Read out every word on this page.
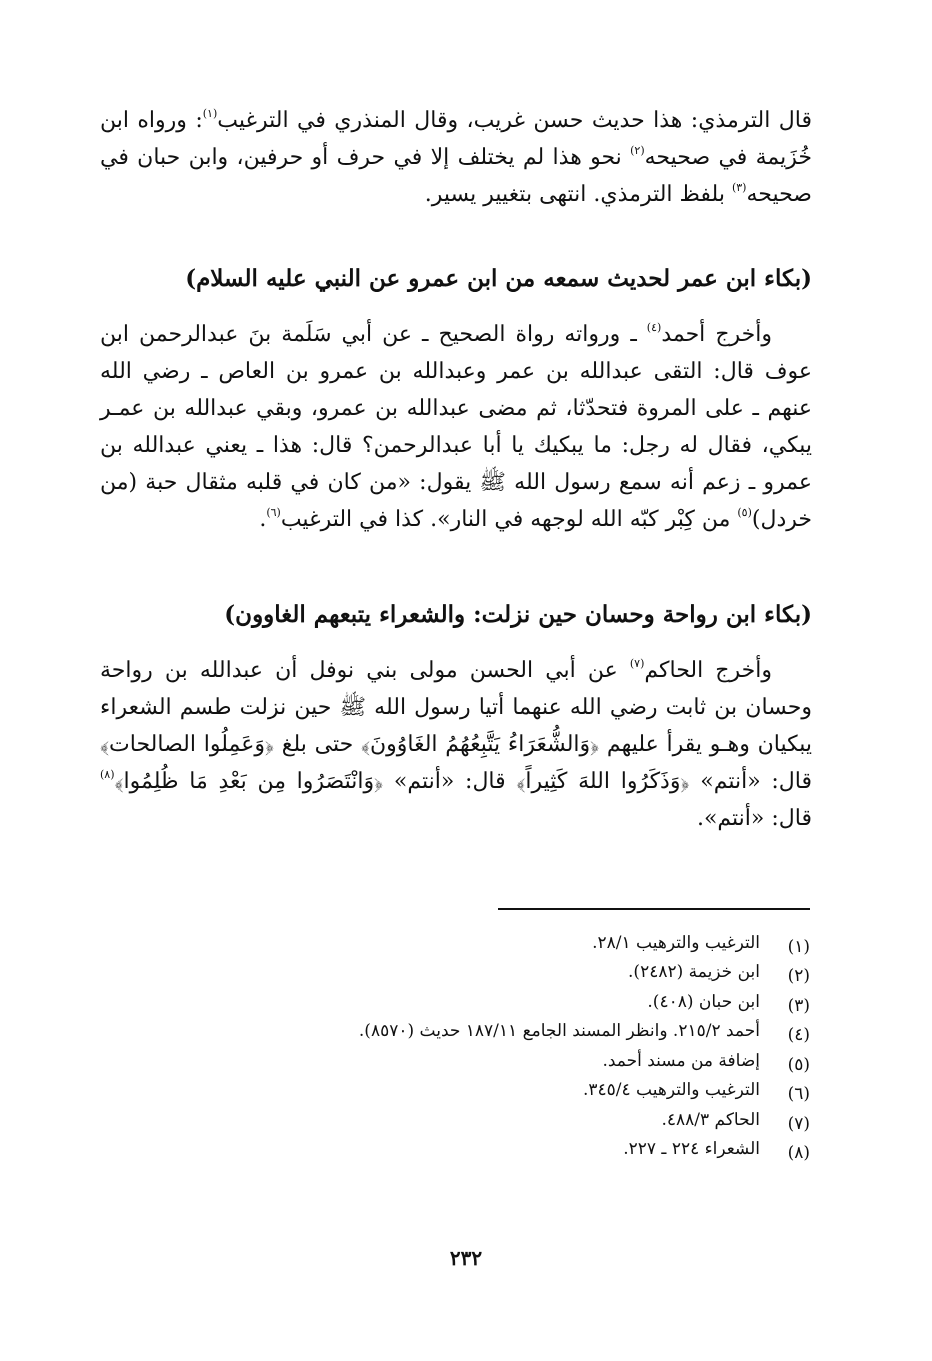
قال الترمذي: هذا حديث حسن غريب، وقال المنذري في الترغيب$^{(١)}$: ورواه ابن خُزَيمة في صحيحه$^{(٢)}$ نحو هذا لم يختلف إلا في حرف أو حرفين، وابن حبان في صحيحه$^{(٣)}$ بلفظ الترمذي. انتهى بتغيير يسير.
(بكاء ابن عمر لحديث سمعه من ابن عمرو عن النبي عليه السلام)
وأخرج أحمد$^{(٤)}$ ـ ورواته رواة الصحيح ـ عن أبي سَلَمة بنَ عبدالرحمن ابن عوف قال: التقى عبدالله بن عمر وعبدالله بن عمرو بن العاص ـ رضي الله عنهم ـ على المروة فتحدّثا، ثم مضى عبدالله بن عمرو، وبقي عبدالله بن عمـر يبكي، فقال له رجل: ما يبكيك يا أبا عبدالرحمن؟ قال: هذا ـ يعني عبدالله بن عمرو ـ زعم أنه سمع رسول الله ﷺ يقول: «من كان في قلبه مثقال حبة (من خردل)$^{(٥)}$ من كِبْر كبّه الله لوجهه في النار». كذا في الترغيب$^{(٦)}$.
(بكاء ابن رواحة وحسان حين نزلت: والشعراء يتبعهم الغاوون)
وأخرج الحاكم$^{(٧)}$ عن أبي الحسن مولى بني نوفل أن عبدالله بن رواحة وحسان بن ثابت رضي الله عنهما أتيا رسول الله ﷺ حين نزلت طسم الشعراء يبكيان وهـو يقرأ عليهم ﴿وَالشُّعَرَاءُ يَتَّبِعُهُمُ الغَاوُونَ﴾ حتى بلغ ﴿وَعَمِلُوا الصالحات﴾ قال: «أنتم» ﴿وَذَكَرُوا اللهَ كَثِيراً﴾ قال: «أنتم» ﴿وَانْتَصَرُوا مِن بَعْدِ مَا ظُلِمُوا﴾$^{(٨)}$ قال: «أنتم».
(١)
الترغيب والترهيب ٢٨/١.
(٢)
ابن خزيمة (٢٤٨٢).
(٣)
ابن حبان (٤٠٨).
(٤)
أحمد ٢١٥/٢. وانظر المسند الجامع ١٨٧/١١ حديث (٨٥٧٠).
(٥)
إضافة من مسند أحمد.
(٦)
الترغيب والترهيب ٣٤٥/٤.
(٧)
الحاكم ٤٨٨/٣.
(٨)
الشعراء ٢٢٤ ـ ٢٢٧.
٢٣٢
